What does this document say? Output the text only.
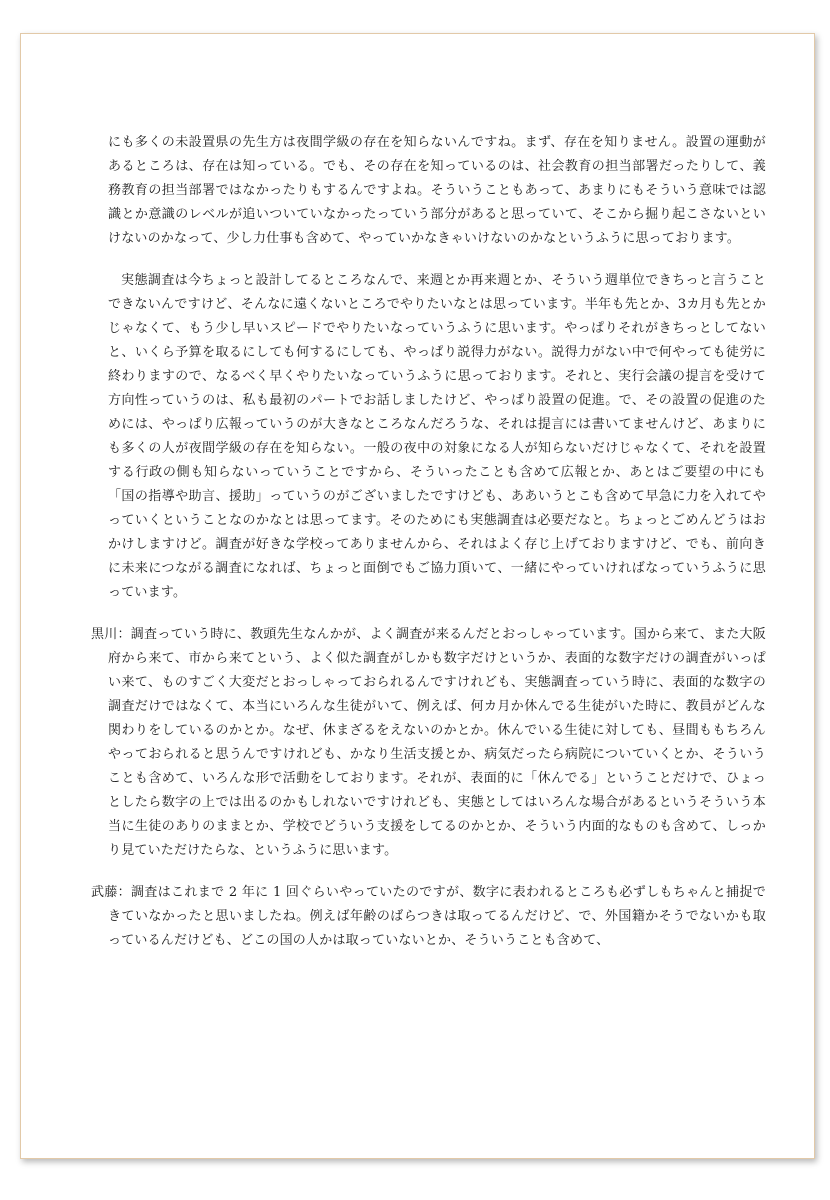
にも多くの未設置県の先生方は夜間学級の存在を知らないんですね。まず、存在を知りません。設置の運動があるところは、存在は知っている。でも、その存在を知っているのは、社会教育の担当部署だったりして、義務教育の担当部署ではなかったりもするんですよね。そういうこともあって、あまりにもそういう意味では認識とか意識のレベルが追いついていなかったっていう部分があると思っていて、そこから掘り起こさないといけないのかなって、少し力仕事も含めて、やっていかなきゃいけないのかなというふうに思っております。

実態調査は今ちょっと設計してるところなんで、来週とか再来週とか、そういう週単位できちっと言うことできないんですけど、そんなに遠くないところでやりたいなとは思っています。半年も先とか、3カ月も先とかじゃなくて、もう少し早いスピードでやりたいなっていうふうに思います。やっぱりそれがきちっとしてないと、いくら予算を取るにしても何するにしても、やっぱり説得力がない。説得力がない中で何やっても徒労に終わりますので、なるべく早くやりたいなっていうふうに思っております。それと、実行会議の提言を受けて方向性っていうのは、私も最初のパートでお話しましたけど、やっぱり設置の促進。で、その設置の促進のためには、やっぱり広報っていうのが大きなところなんだろうな、それは提言には書いてませんけど、あまりにも多くの人が夜間学級の存在を知らない。一般の夜中の対象になる人が知らないだけじゃなくて、それを設置する行政の側も知らないっていうことですから、そういったことも含めて広報とか、あとはご要望の中にも「国の指導や助言、援助」っていうのがございましたですけども、ああいうとこも含めて早急に力を入れてやっていくということなのかなとは思ってます。そのためにも実態調査は必要だなと。ちょっとごめんどうはおかけしますけど。調査が好きな学校ってありませんから、それはよく存じ上げておりますけど、でも、前向きに未来につながる調査になれば、ちょっと面倒でもご協力頂いて、一緒にやっていければなっていうふうに思っています。

黒川：調査っていう時に、教頭先生なんかが、よく調査が来るんだとおっしゃっています。国から来て、また大阪府から来て、市から来てという、よく似た調査がしかも数字だけというか、表面的な数字だけの調査がいっぱい来て、ものすごく大変だとおっしゃっておられるんですけれども、実態調査っていう時に、表面的な数字の調査だけではなくて、本当にいろんな生徒がいて、例えば、何カ月か休んでる生徒がいた時に、教員がどんな関わりをしているのかとか。なぜ、休まざるをえないのかとか。休んでいる生徒に対しても、昼間ももちろんやっておられると思うんですけれども、かなり生活支援とか、病気だったら病院についていくとか、そういうことも含めて、いろんな形で活動をしております。それが、表面的に「休んでる」ということだけで、ひょっとしたら数字の上では出るのかもしれないですけれども、実態としてはいろんな場合があるというそういう本当に生徒のありのままとか、学校でどういう支援をしてるのかとか、そういう内面的なものも含めて、しっかり見ていただけたらな、というふうに思います。

武藤：調査はこれまで 2 年に 1 回ぐらいやっていたのですが、数字に表われるところも必ずしもちゃんと捕捉できていなかったと思いましたね。例えば年齢のばらつきは取ってるんだけど、で、外国籍かそうでないかも取っているんだけども、どこの国の人かは取っていないとか、そういうことも含めて、
